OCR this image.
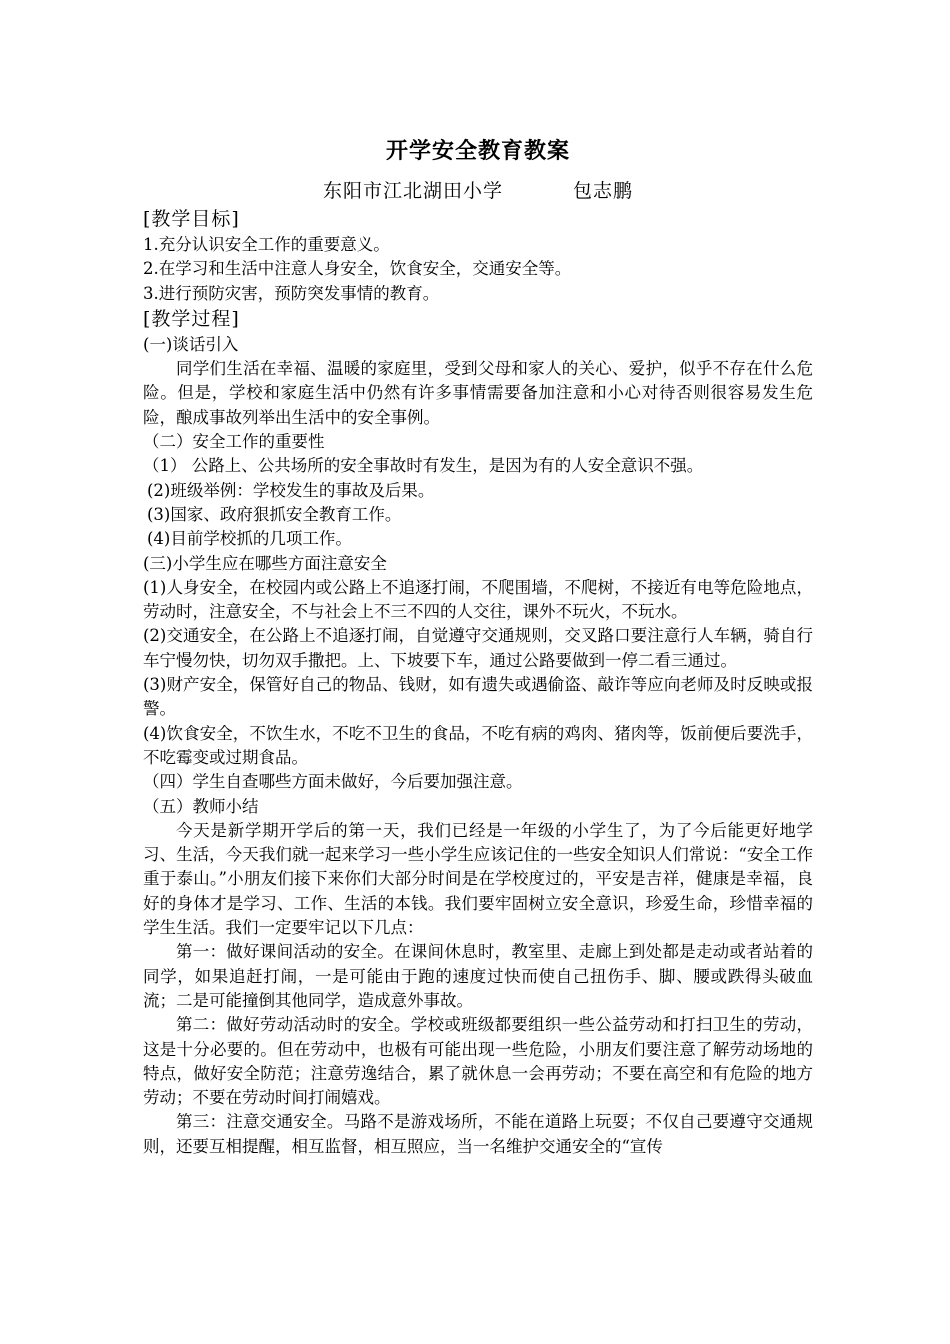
开学安全教育教案
东阳市江北湖田小学	包志鹏
[教学目标]

1.充分认识安全工作的重要意义。

2.在学习和生活中注意人身安全，饮食安全，交通安全等。

3.进行预防灾害，预防突发事情的教育。

[教学过程]

(一)谈话引入

同学们生活在幸福、温暖的家庭里，受到父母和家人的关心、爱护，似乎不存在什么危险。但是，学校和家庭生活中仍然有许多事情需要备加注意和小心对待否则很容易发生危险，酿成事故列举出生活中的安全事例。

（二）安全工作的重要性

（1） 公路上、公共场所的安全事故时有发生，是因为有的人安全意识不强。

(2)班级举例：学校发生的事故及后果。

(3)国家、政府狠抓安全教育工作。

(4)目前学校抓的几项工作。

(三)小学生应在哪些方面注意安全

(1)人身安全，在校园内或公路上不追逐打闹，不爬围墙，不爬树，不接近有电等危险地点，劳动时，注意安全，不与社会上不三不四的人交往，课外不玩火，不玩水。

(2)交通安全，在公路上不追逐打闹，自觉遵守交通规则，交叉路口要注意行人车辆，骑自行车宁慢勿快，切勿双手撒把。上、下坡要下车，通过公路要做到一停二看三通过。

(3)财产安全，保管好自己的物品、钱财，如有遗失或遇偷盗、敲诈等应向老师及时反映或报警。

(4)饮食安全，不饮生水，不吃不卫生的食品，不吃有病的鸡肉、猪肉等，饭前便后要洗手，不吃霉变或过期食品。

（四）学生自查哪些方面未做好，今后要加强注意。

（五）教师小结

今天是新学期开学后的第一天，我们已经是一年级的小学生了，为了今后能更好地学习、生活，今天我们就一起来学习一些小学生应该记住的一些安全知识人们常说：“安全工作重于泰山。”小朋友们接下来你们大部分时间是在学校度过的，平安是吉祥，健康是幸福，良好的身体才是学习、工作、生活的本钱。我们要牢固树立安全意识，珍爱生命，珍惜幸福的学生生活。我们一定要牢记以下几点：

第一：做好课间活动的安全。在课间休息时，教室里、走廊上到处都是走动或者站着的同学，如果追赶打闹，一是可能由于跑的速度过快而使自己扭伤手、脚、腰或跌得头破血流；二是可能撞倒其他同学，造成意外事故。

第二：做好劳动活动时的安全。学校或班级都要组织一些公益劳动和打扫卫生的劳动，这是十分必要的。但在劳动中，也极有可能出现一些危险，小朋友们要注意了解劳动场地的特点，做好安全防范；注意劳逸结合，累了就休息一会再劳动；不要在高空和有危险的地方劳动；不要在劳动时间打闹嬉戏。

第三：注意交通安全。马路不是游戏场所，不能在道路上玩耍；不仅自己要遵守交通规则，还要互相提醒，相互监督，相互照应，当一名维护交通安全的“宣传
